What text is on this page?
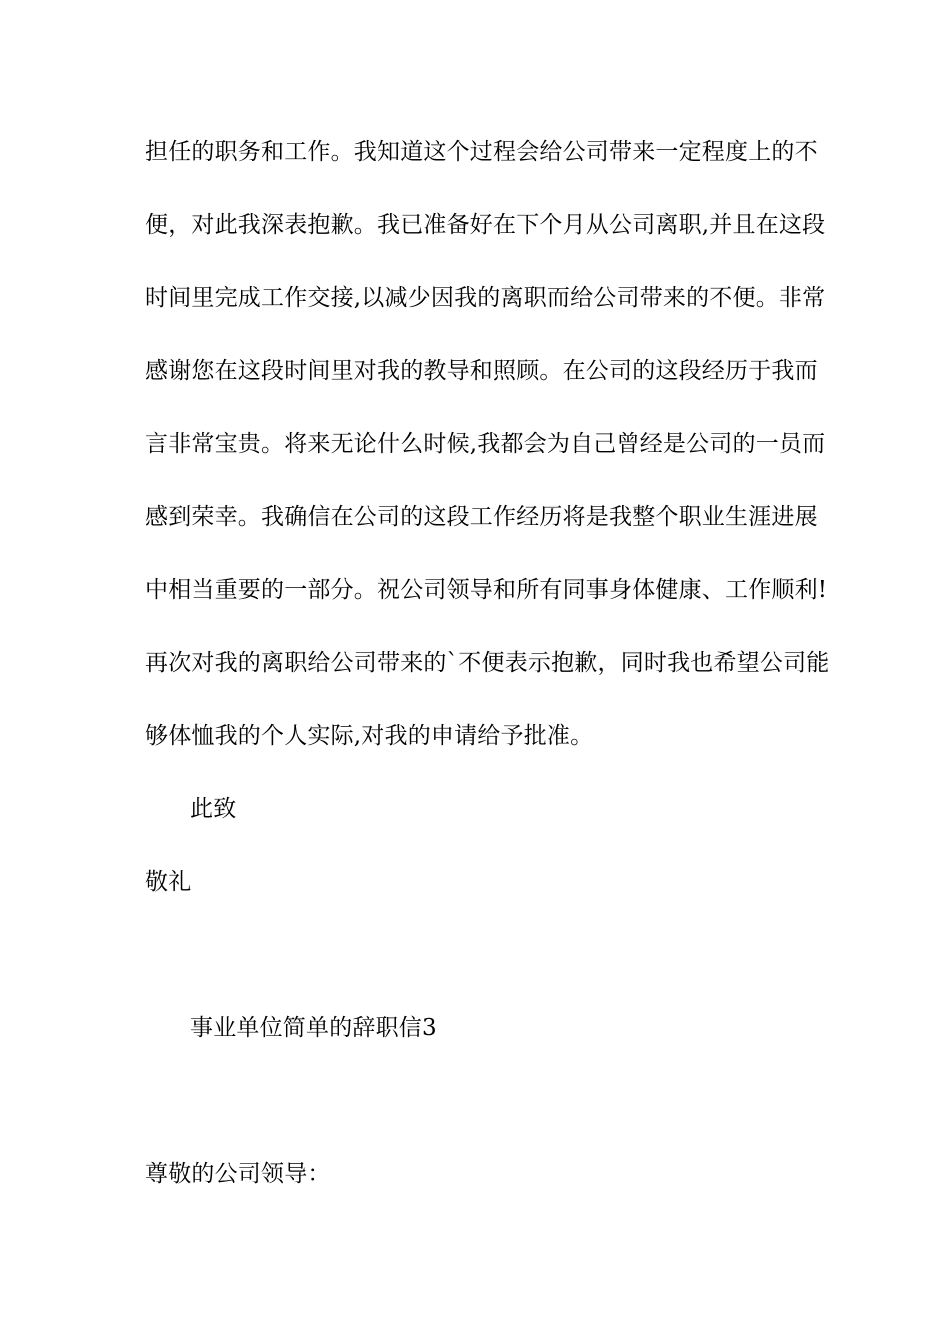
担任的职务和工作。我知道这个过程会给公司带来一定程度上的不
便，对此我深表抱歉。我已准备好在下个月从公司离职,并且在这段
时间里完成工作交接,以减少因我的离职而给公司带来的不便。非常
感谢您在这段时间里对我的教导和照顾。在公司的这段经历于我而
言非常宝贵。将来无论什么时候,我都会为自己曾经是公司的一员而
感到荣幸。我确信在公司的这段工作经历将是我整个职业生涯进展
中相当重要的一部分。祝公司领导和所有同事身体健康、工作顺利!
再次对我的离职给公司带来的`不便表示抱歉，同时我也希望公司能
够体恤我的个人实际,对我的申请给予批准。
此致
敬礼
事业单位简单的辞职信3
尊敬的公司领导：
